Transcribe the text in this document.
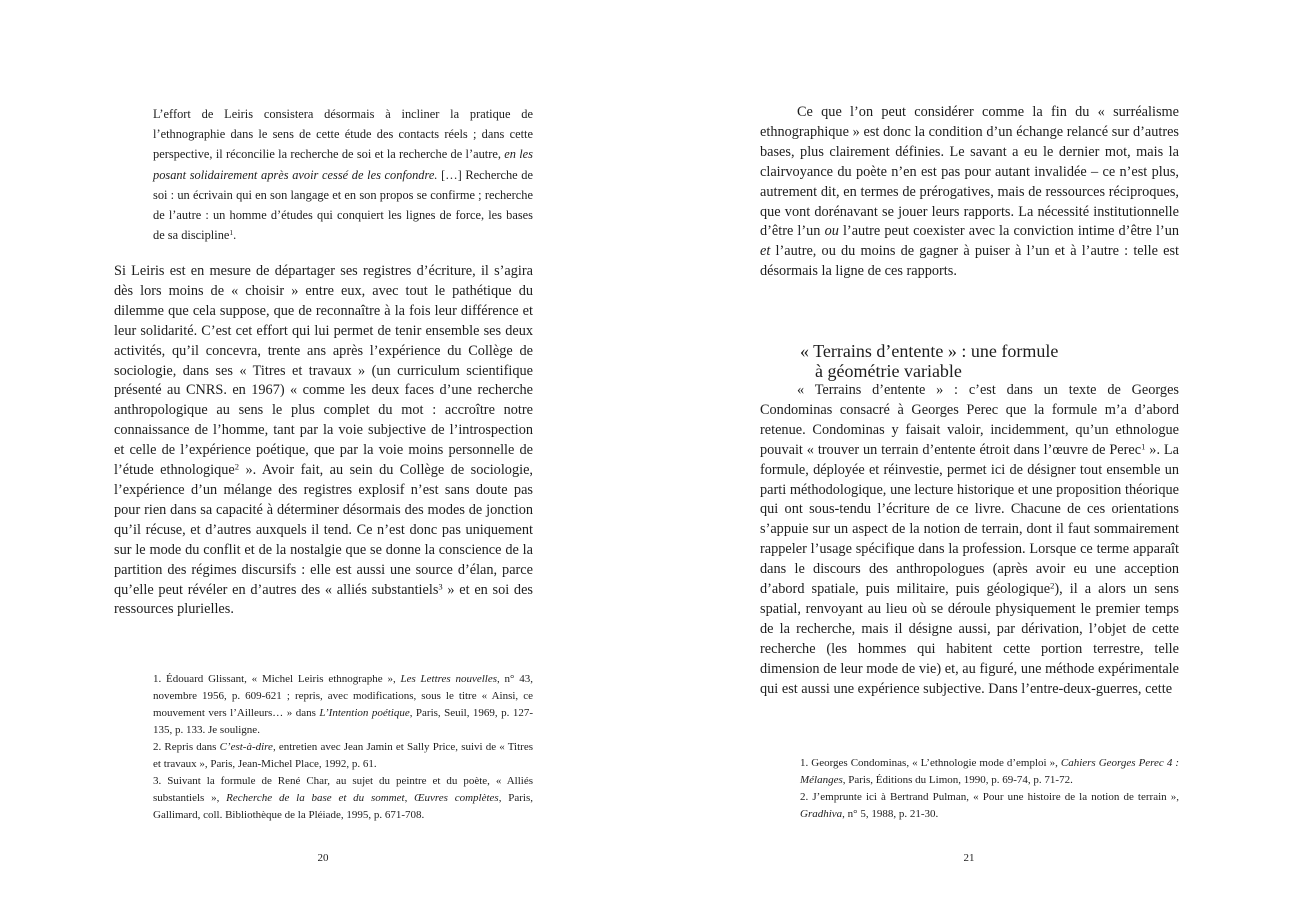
L’effort de Leiris consistera désormais à incliner la pratique de l’ethnographie dans le sens de cette étude des contacts réels ; dans cette perspective, il réconcilie la recherche de soi et la recherche de l’autre, en les posant solidairement après avoir cessé de les confondre. […] Recherche de soi : un écrivain qui en son langage et en son propos se confirme ; recherche de l’autre : un homme d’études qui conquiert les lignes de force, les bases de sa discipline$^1$.

Si Leiris est en mesure de départager ses registres d’écriture, il s’agira dès lors moins de « choisir » entre eux, avec tout le pathétique du dilemme que cela suppose, que de reconnaître à la fois leur différence et leur solidarité. C’est cet effort qui lui permet de tenir ensemble ses deux activités, qu’il concevra, trente ans après l’expérience du Collège de sociologie, dans ses « Titres et travaux » (un curriculum scientifique présenté au CNRS. en 1967) « comme les deux faces d’une recherche anthropologique au sens le plus complet du mot : accroître notre connaissance de l’homme, tant par la voie subjective de l’introspection et celle de l’expérience poétique, que par la voie moins personnelle de l’étude ethnologique$^2$ ». Avoir fait, au sein du Collège de sociologie, l’expérience d’un mélange des registres explosif n’est sans doute pas pour rien dans sa capacité à déterminer désormais des modes de jonction qu’il récuse, et d’autres auxquels il tend. Ce n’est donc pas uniquement sur le mode du conflit et de la nostalgie que se donne la conscience de la partition des régimes discursifs : elle est aussi une source d’élan, parce qu’elle peut révéler en d’autres des « alliés substantiels$^3$ » et en soi des ressources plurielles.

1. Édouard Glissant, « Michel Leiris ethnographe », Les Lettres nouvelles, n° 43, novembre 1956, p. 609-621 ; repris, avec modifications, sous le titre « Ainsi, ce mouvement vers l’Ailleurs… » dans L’Intention poétique, Paris, Seuil, 1969, p. 127-135, p. 133. Je souligne.

2. Repris dans C’est-à-dire, entretien avec Jean Jamin et Sally Price, suivi de « Titres et travaux », Paris, Jean-Michel Place, 1992, p. 61.

3. Suivant la formule de René Char, au sujet du peintre et du poète, « Alliés substantiels », Recherche de la base et du sommet, Œuvres complètes, Paris, Gallimard, coll. Bibliothèque de la Pléiade, 1995, p. 671-708.

20

Ce que l’on peut considérer comme la fin du « surréalisme ethnographique » est donc la condition d’un échange relancé sur d’autres bases, plus clairement définies. Le savant a eu le dernier mot, mais la clairvoyance du poète n’en est pas pour autant invalidée – ce n’est plus, autrement dit, en termes de prérogatives, mais de ressources réciproques, que vont dorénavant se jouer leurs rapports. La nécessité institutionnelle d’être l’un ou l’autre peut coexister avec la conviction intime d’être l’un et l’autre, ou du moins de gagner à puiser à l’un et à l’autre : telle est désormais la ligne de ces rapports.

« Terrains d’entente » : une formule
à géométrie variable

« Terrains d’entente » : c’est dans un texte de Georges Condominas consacré à Georges Perec que la formule m’a d’abord retenue. Condominas y faisait valoir, incidemment, qu’un ethnologue pouvait « trouver un terrain d’entente étroit dans l’œuvre de Perec$^1$ ». La formule, déployée et réinvestie, permet ici de désigner tout ensemble un parti méthodologique, une lecture historique et une proposition théorique qui ont sous-tendu l’écriture de ce livre. Chacune de ces orientations s’appuie sur un aspect de la notion de terrain, dont il faut sommairement rappeler l’usage spécifique dans la profession. Lorsque ce terme apparaît dans le discours des anthropologues (après avoir eu une acception d’abord spatiale, puis militaire, puis géologique$^2$), il a alors un sens spatial, renvoyant au lieu où se déroule physiquement le premier temps de la recherche, mais il désigne aussi, par dérivation, l’objet de cette recherche (les hommes qui habitent cette portion terrestre, telle dimension de leur mode de vie) et, au figuré, une méthode expérimentale qui est aussi une expérience subjective. Dans l’entre-deux-guerres, cette

1. Georges Condominas, « L’ethnologie mode d’emploi », Cahiers Georges Perec 4 : Mélanges, Paris, Éditions du Limon, 1990, p. 69-74, p. 71-72.

2. J’emprunte ici à Bertrand Pulman, « Pour une histoire de la notion de terrain », Gradhiva, n° 5, 1988, p. 21-30.

21
